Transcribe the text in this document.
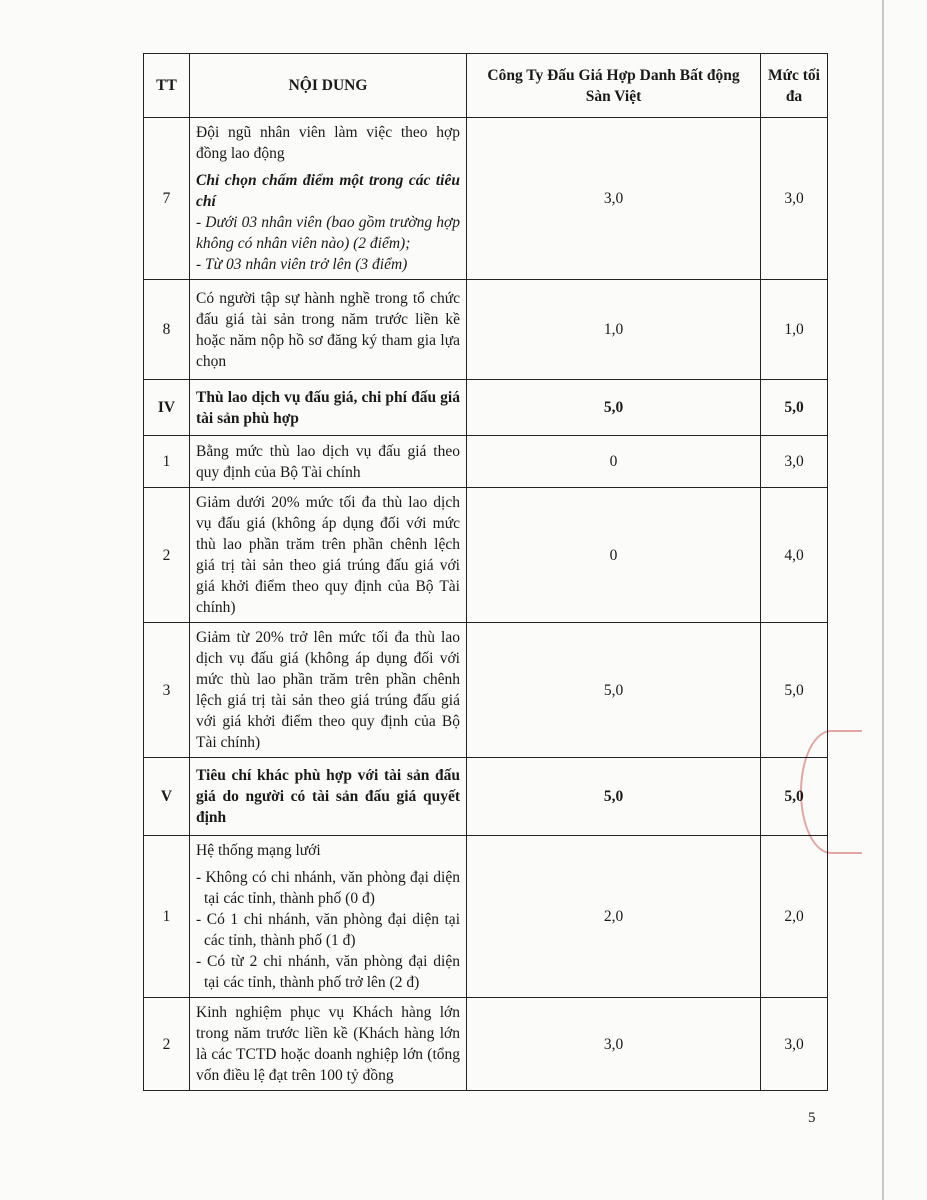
TT	NỘI DUNG	Công Ty Đấu Giá Hợp Danh Bất động Sàn Việt	Mức tối đa
7	Đội ngũ nhân viên làm việc theo hợp đồng lao động
Chỉ chọn chấm điểm một trong các tiêu chí
- Dưới 03 nhân viên (bao gồm trường hợp không có nhân viên nào) (2 điểm);
- Từ 03 nhân viên trở lên (3 điểm)	3,0	3,0
8	Có người tập sự hành nghề trong tổ chức đấu giá tài sản trong năm trước liền kề hoặc năm nộp hồ sơ đăng ký tham gia lựa chọn	1,0	1,0
IV	Thù lao dịch vụ đấu giá, chi phí đấu giá tài sản phù hợp	5,0	5,0
1	Bằng mức thù lao dịch vụ đấu giá theo quy định của Bộ Tài chính	0	3,0
2	Giảm dưới 20% mức tối đa thù lao dịch vụ đấu giá (không áp dụng đối với mức thù lao phần trăm trên phần chênh lệch giá trị tài sản theo giá trúng đấu giá với giá khởi điểm theo quy định của Bộ Tài chính)	0	4,0
3	Giảm từ 20% trở lên mức tối đa thù lao dịch vụ đấu giá (không áp dụng đối với mức thù lao phần trăm trên phần chênh lệch giá trị tài sản theo giá trúng đấu giá với giá khởi điểm theo quy định của Bộ Tài chính)	5,0	5,0
V	Tiêu chí khác phù hợp với tài sản đấu giá do người có tài sản đấu giá quyết định	5,0	5,0
1	Hệ thống mạng lưới
- Không có chi nhánh, văn phòng đại diện tại các tỉnh, thành phố (0 đ)
- Có 1 chi nhánh, văn phòng đại diện tại các tỉnh, thành phố (1 đ)
- Có từ 2 chi nhánh, văn phòng đại diện tại các tỉnh, thành phố trở lên (2 đ)	2,0	2,0
2	Kinh nghiệm phục vụ Khách hàng lớn trong năm trước liền kề (Khách hàng lớn là các TCTD hoặc doanh nghiệp lớn (tổng vốn điều lệ đạt trên 100 tỷ đồng	3,0	3,0
5
